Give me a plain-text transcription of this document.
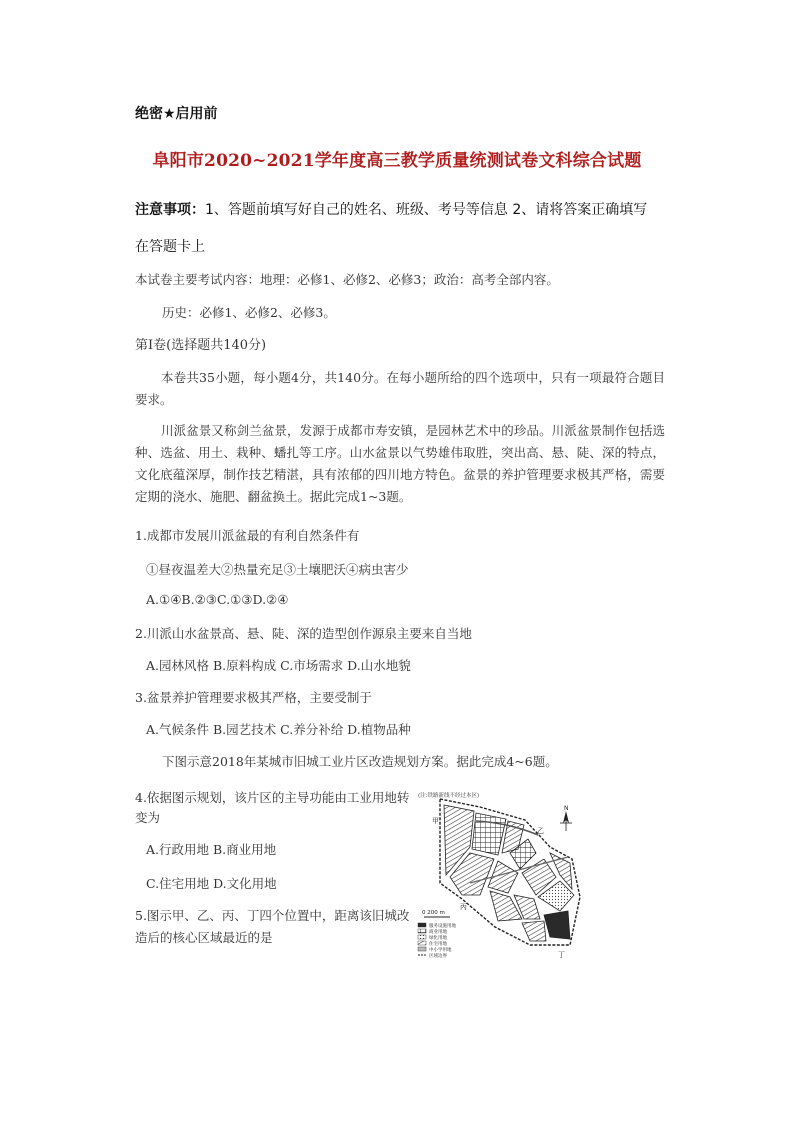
绝密★启用前
阜阳市2020~2021学年度高三教学质量统测试卷文科综合试题
注意事项：1、答题前填写好自己的姓名、班级、考号等信息 2、请将答案正确填写
在答题卡上
本试卷主要考试内容：地理：必修1、必修2、必修3；政治：高考全部内容。
历史：必修1、必修2、必修3。
第Ⅰ卷(选择题共140分)
本卷共35小题，每小题4分，共140分。在每小题所给的四个选项中，只有一项最符合题目要求。
川派盆景又称剑兰盆景，发源于成都市寿安镇，是园林艺术中的珍品。川派盆景制作包括选种、选盆、用土、栽种、蟠扎等工序。山水盆景以气势雄伟取胜，突出高、悬、陡、深的特点，文化底蕴深厚，制作技艺精湛，具有浓郁的四川地方特色。盆景的养护管理要求极其严格，需要定期的浇水、施肥、翻盆换土。据此完成1~3题。
1.成都市发展川派盆最的有利自然条件有
①昼夜温差大②热量充足③土壤肥沃④病虫害少
A.①④B.②③C.①③D.②④
2.川派山水盆景高、悬、陡、深的造型创作源泉主要来自当地
A.园林风格 B.原料构成 C.市场需求 D.山水地貌
3.盆景养护管理要求极其严格，主要受制于
A.气候条件 B.园艺技术 C.养分补给 D.植物品种
下图示意2018年某城市旧城工业片区改造规划方案。据此完成4~6题。
4.依据图示规划，该片区的主导功能由工业用地转
变为
A.行政用地 B.商业用地
C.住宅用地 D.文化用地
5.图示甲、乙、丙、丁四个位置中，距离该旧城改
造后的核心区域最近的是
(注:铁路新线不经过本区)
甲
乙
丙
丁
N
0 200 m
服务设施用地
商业用地
绿化用地
住宅用地
中小学用地
区域边界
